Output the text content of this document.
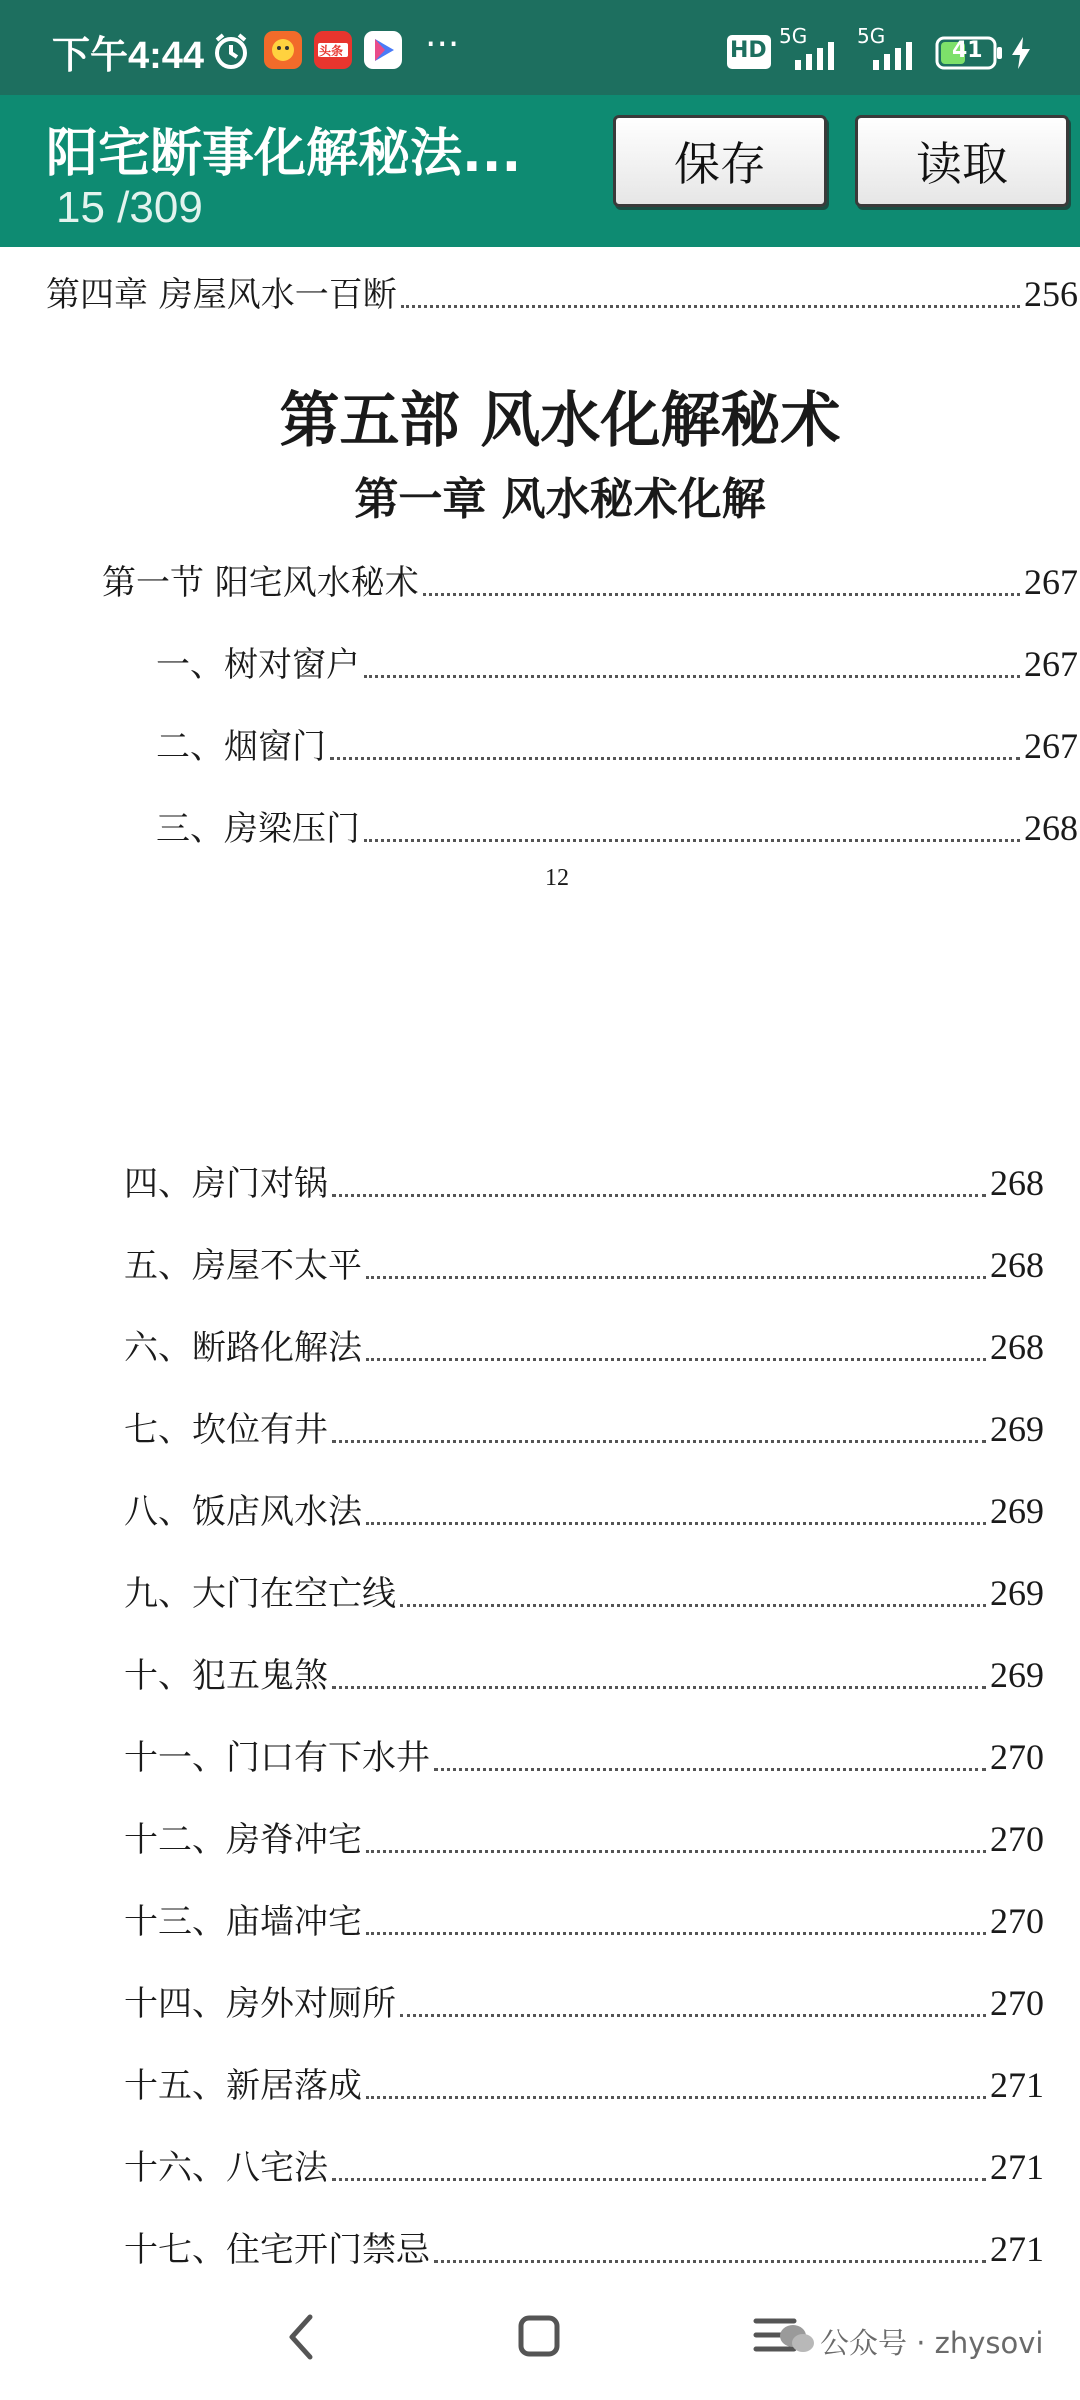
下午4:44	头条 ···	HD
5G 5G
41
阳宅断事化解秘法...
15 /309
保存	读取
第四章 房屋风水一百断	256
第五部 风水化解秘术
第一章 风水秘术化解
第一节 阳宅风水秘术	267
一、树对窗户	267
二、烟窗门	267
三、房梁压门	268
12
四、房门对锅	268
五、房屋不太平	268
六、断路化解法	268
七、坎位有井	269
八、饭店风水法	269
九、大门在空亡线	269
十、犯五鬼煞	269
十一、门口有下水井	270
十二、房脊冲宅	270
十三、庙墙冲宅	270
十四、房外对厕所	270
十五、新居落成	271
十六、八宅法	271
十七、住宅开门禁忌	271
公众号 · zhysovi
